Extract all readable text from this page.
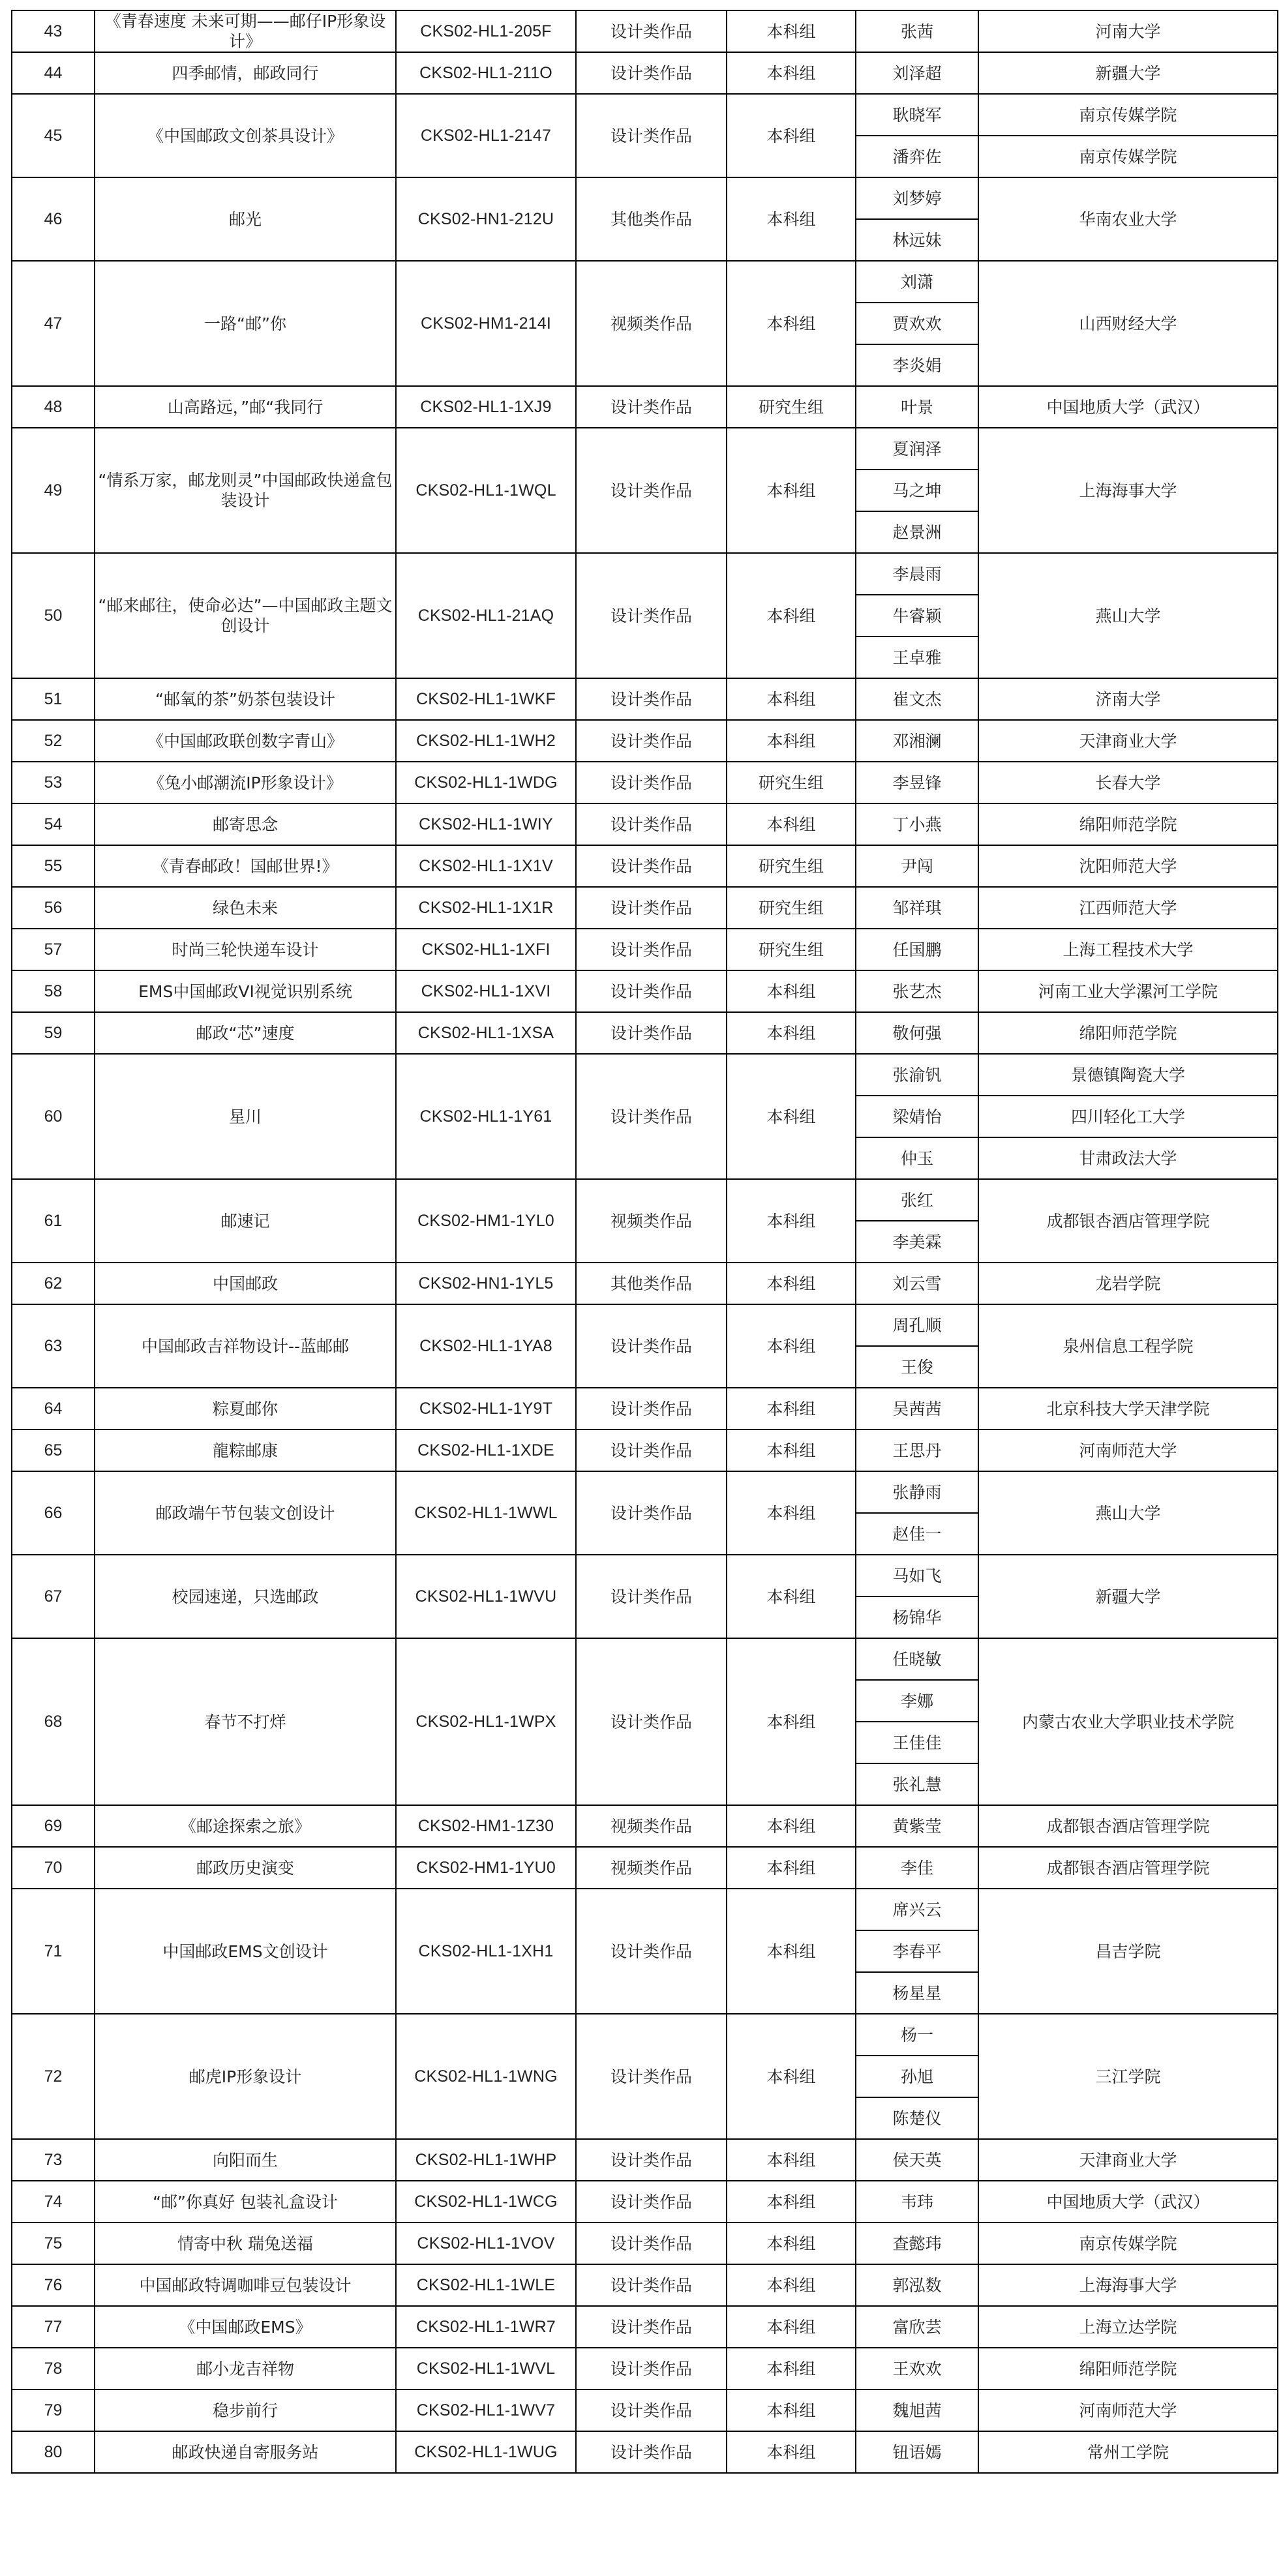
43	《青春速度 未来可期——邮仔IP形象设计》	CKS02-HL1-205F	设计类作品	本科组	张茜	河南大学
44	四季邮情，邮政同行	CKS02-HL1-211O	设计类作品	本科组	刘泽超	新疆大学
45	《中国邮政文创茶具设计》	CKS02-HL1-2147	设计类作品	本科组	耿晓军	南京传媒学院
					潘弈佐	南京传媒学院
46	邮光	CKS02-HN1-212U	其他类作品	本科组	刘梦婷	华南农业大学
					林远妹	
47	一路“邮”你	CKS02-HM1-214I	视频类作品	本科组	刘潇	山西财经大学
					贾欢欢	
					李炎娟	
48	山高路远，”邮“我同行	CKS02-HL1-1XJ9	设计类作品	研究生组	叶景	中国地质大学（武汉）
49	“情系万家，邮龙则灵”中国邮政快递盒包装设计	CKS02-HL1-1WQL	设计类作品	本科组	夏润泽	上海海事大学
					马之坤	
					赵景洲	
50	“邮来邮往，使命必达”—中国邮政主题文创设计	CKS02-HL1-21AQ	设计类作品	本科组	李晨雨	燕山大学
					牛睿颖	
					王卓雅	
51	“邮氧的茶”奶茶包装设计	CKS02-HL1-1WKF	设计类作品	本科组	崔文杰	济南大学
52	《中国邮政联创数字青山》	CKS02-HL1-1WH2	设计类作品	本科组	邓湘澜	天津商业大学
53	《兔小邮潮流IP形象设计》	CKS02-HL1-1WDG	设计类作品	研究生组	李昱锋	长春大学
54	邮寄思念	CKS02-HL1-1WIY	设计类作品	本科组	丁小燕	绵阳师范学院
55	《青春邮政！国邮世界!》	CKS02-HL1-1X1V	设计类作品	研究生组	尹闯	沈阳师范大学
56	绿色未来	CKS02-HL1-1X1R	设计类作品	研究生组	邹祥琪	江西师范大学
57	时尚三轮快递车设计	CKS02-HL1-1XFI	设计类作品	研究生组	任国鹏	上海工程技术大学
58	EMS中国邮政VI视觉识别系统	CKS02-HL1-1XVI	设计类作品	本科组	张艺杰	河南工业大学漯河工学院
59	邮政“芯”速度	CKS02-HL1-1XSA	设计类作品	本科组	敬何强	绵阳师范学院
60	星川	CKS02-HL1-1Y61	设计类作品	本科组	张渝钒	景德镇陶瓷大学
					梁婧怡	四川轻化工大学
					仲玉	甘肃政法大学
61	邮速记	CKS02-HM1-1YL0	视频类作品	本科组	张红	成都银杏酒店管理学院
					李美霖	
62	中国邮政	CKS02-HN1-1YL5	其他类作品	本科组	刘云雪	龙岩学院
63	中国邮政吉祥物设计--蓝邮邮	CKS02-HL1-1YA8	设计类作品	本科组	周孔顺	泉州信息工程学院
					王俊	
64	粽夏邮你	CKS02-HL1-1Y9T	设计类作品	本科组	吴茜茜	北京科技大学天津学院
65	龍粽邮康	CKS02-HL1-1XDE	设计类作品	本科组	王思丹	河南师范大学
66	邮政端午节包装文创设计	CKS02-HL1-1WWL	设计类作品	本科组	张静雨	燕山大学
					赵佳一	
67	校园速递，只选邮政	CKS02-HL1-1WVU	设计类作品	本科组	马如飞	新疆大学
					杨锦华	
68	春节不打烊	CKS02-HL1-1WPX	设计类作品	本科组	任晓敏	内蒙古农业大学职业技术学院
					李娜	
					王佳佳	
					张礼慧	
69	《邮途探索之旅》	CKS02-HM1-1Z30	视频类作品	本科组	黄紫莹	成都银杏酒店管理学院
70	邮政历史演变	CKS02-HM1-1YU0	视频类作品	本科组	李佳	成都银杏酒店管理学院
71	中国邮政EMS文创设计	CKS02-HL1-1XH1	设计类作品	本科组	席兴云	昌吉学院
					李春平	
					杨星星	
72	邮虎IP形象设计	CKS02-HL1-1WNG	设计类作品	本科组	杨一	三江学院
					孙旭	
					陈楚仪	
73	向阳而生	CKS02-HL1-1WHP	设计类作品	本科组	侯天英	天津商业大学
74	“邮”你真好 包装礼盒设计	CKS02-HL1-1WCG	设计类作品	本科组	韦玮	中国地质大学（武汉）
75	情寄中秋 瑞兔送福	CKS02-HL1-1VOV	设计类作品	本科组	查懿玮	南京传媒学院
76	中国邮政特调咖啡豆包装设计	CKS02-HL1-1WLE	设计类作品	本科组	郭泓数	上海海事大学
77	《中国邮政EMS》	CKS02-HL1-1WR7	设计类作品	本科组	富欣芸	上海立达学院
78	邮小龙吉祥物	CKS02-HL1-1WVL	设计类作品	本科组	王欢欢	绵阳师范学院
79	稳步前行	CKS02-HL1-1WV7	设计类作品	本科组	魏旭茜	河南师范大学
80	邮政快递自寄服务站	CKS02-HL1-1WUG	设计类作品	本科组	钮语嫣	常州工学院
